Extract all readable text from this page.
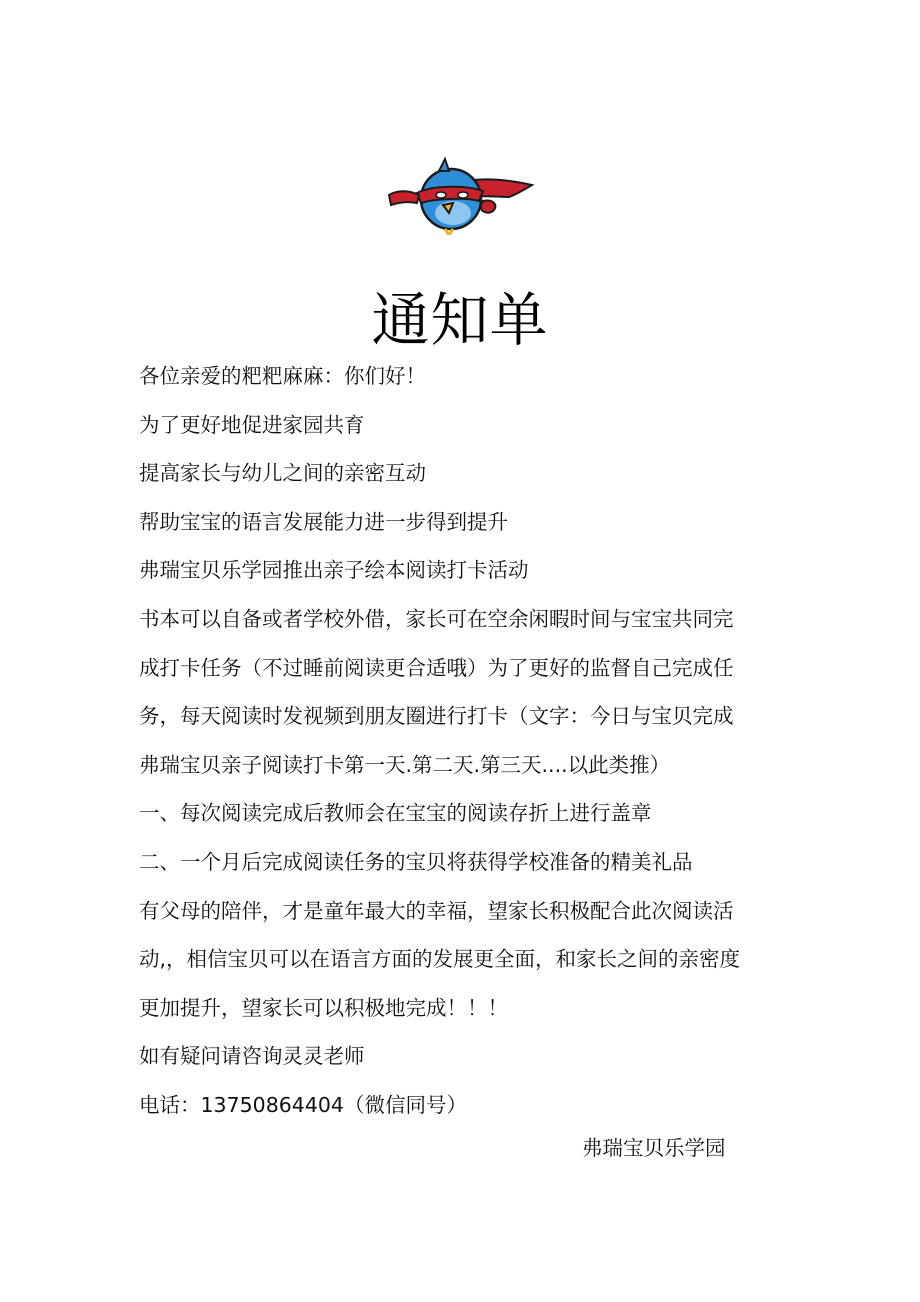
通知单
各位亲爱的粑粑麻麻：你们好！
为了更好地促进家园共育
提高家长与幼儿之间的亲密互动
帮助宝宝的语言发展能力进一步得到提升
弗瑞宝贝乐学园推出亲子绘本阅读打卡活动
书本可以自备或者学校外借，家长可在空余闲暇时间与宝宝共同完
成打卡任务（不过睡前阅读更合适哦）为了更好的监督自己完成任
务，每天阅读时发视频到朋友圈进行打卡（文字：今日与宝贝完成
弗瑞宝贝亲子阅读打卡第一天.第二天.第三天....以此类推）
一、每次阅读完成后教师会在宝宝的阅读存折上进行盖章
二、一个月后完成阅读任务的宝贝将获得学校准备的精美礼品
有父母的陪伴，才是童年最大的幸福，望家长积极配合此次阅读活
动,，相信宝贝可以在语言方面的发展更全面，和家长之间的亲密度
更加提升，望家长可以积极地完成！！！
如有疑问请咨询灵灵老师
电话：13750864404（微信同号）
弗瑞宝贝乐学园
